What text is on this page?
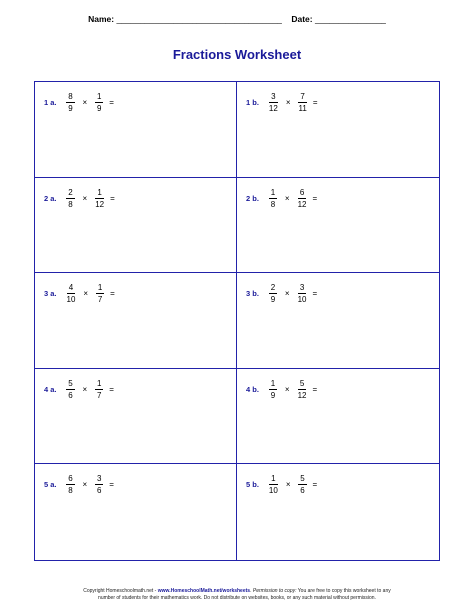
Name: ___________________________________ Date: _______________
Fractions Worksheet
1 a. $\frac{8}{9} \times \frac{1}{9}$ =	1 b. $\frac{3}{12} \times \frac{7}{11}$ =
2 a. $\frac{2}{8} \times \frac{1}{12}$ =	2 b. $\frac{1}{8} \times \frac{6}{12}$ =
3 a. $\frac{4}{10} \times \frac{1}{7}$ =	3 b. $\frac{2}{9} \times \frac{3}{10}$ =
4 a. $\frac{5}{6} \times \frac{1}{7}$ =	4 b. $\frac{1}{9} \times \frac{5}{12}$ =
5 a. $\frac{6}{8} \times \frac{3}{6}$ =	5 b. $\frac{1}{10} \times \frac{5}{6}$ =
Copyright Homeschoolmath.net - www.HomeschoolMath.net/worksheets. Permission to copy: You are free to copy this worksheet to any
number of students for their mathematics work. Do not distribute on websites, books, or any such material without permission.
